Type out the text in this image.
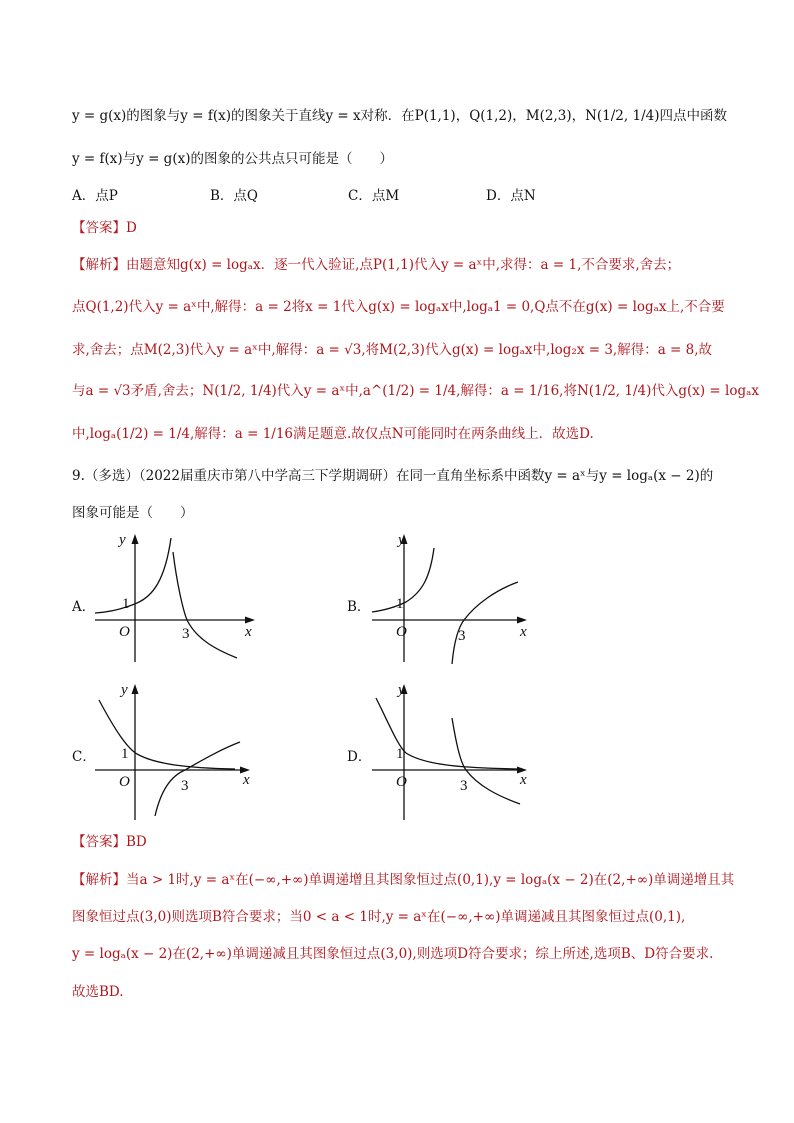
y = g(x)的图象与y = f(x)的图象关于直线y = x对称．在P(1,1)，Q(1,2)，M(2,3)，N(1/2, 1/4)四点中函数
y = f(x)与y = g(x)的图象的公共点只可能是（　　）
A．点P	B．点Q	C．点M	D．点N
【答案】D
【解析】由题意知g(x) = logₐx．逐一代入验证,点P(1,1)代入y = aˣ中,求得：a = 1,不合要求,舍去；
点Q(1,2)代入y = aˣ中,解得：a = 2将x = 1代入g(x) = logₐx中,logₐ1 = 0,Q点不在g(x) = logₐx上,不合要
求,舍去；点M(2,3)代入y = aˣ中,解得：a = √3,将M(2,3)代入g(x) = logₐx中,log₂x = 3,解得：a = 8,故
与a = √3矛盾,舍去；N(1/2, 1/4)代入y = aˣ中,a^(1/2) = 1/4,解得：a = 1/16,将N(1/2, 1/4)代入g(x) = logₐx
中,logₐ(1/2) = 1/4,解得：a = 1/16满足题意.故仅点N可能同时在两条曲线上．故选D.
9.（多选）（2022届重庆市第八中学高三下学期调研）在同一直角坐标系中函数y = aˣ与y = logₐ(x − 2)的
图象可能是（　　）
A．
x
y
O
1
3
B．
x
y
O
1
3
C．
x
y
O
1
3
D．
x
y
O
1
3
【答案】BD
【解析】当a > 1时,y = aˣ在(−∞,+∞)单调递增且其图象恒过点(0,1),y = logₐ(x − 2)在(2,+∞)单调递增且其
图象恒过点(3,0)则选项B符合要求；当0 < a < 1时,y = aˣ在(−∞,+∞)单调递减且其图象恒过点(0,1),
y = logₐ(x − 2)在(2,+∞)单调递减且其图象恒过点(3,0),则选项D符合要求；综上所述,选项B、D符合要求.
故选BD.
